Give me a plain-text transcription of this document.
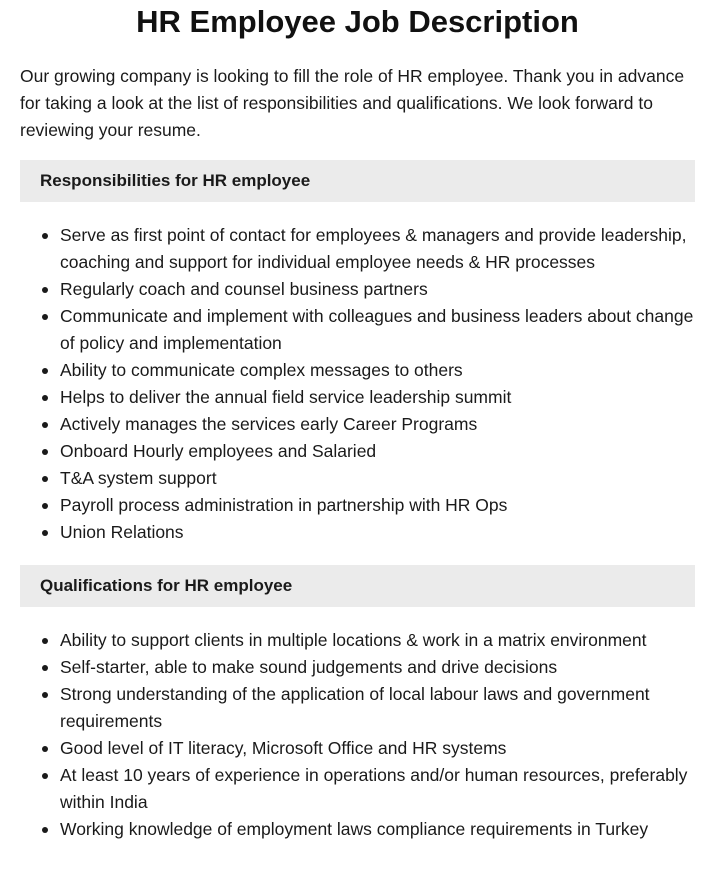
HR Employee Job Description

Our growing company is looking to fill the role of HR employee. Thank you in advance for taking a look at the list of responsibilities and qualifications. We look forward to reviewing your resume.

Responsibilities for HR employee
Serve as first point of contact for employees & managers and provide leadership, coaching and support for individual employee needs & HR processes
Regularly coach and counsel business partners
Communicate and implement with colleagues and business leaders about change of policy and implementation
Ability to communicate complex messages to others
Helps to deliver the annual field service leadership summit
Actively manages the services early Career Programs
Onboard Hourly employees and Salaried
T&A system support
Payroll process administration in partnership with HR Ops
Union Relations
Qualifications for HR employee
Ability to support clients in multiple locations & work in a matrix environment
Self-starter, able to make sound judgements and drive decisions
Strong understanding of the application of local labour laws and government requirements
Good level of IT literacy, Microsoft Office and HR systems
At least 10 years of experience in operations and/or human resources, preferably within India
Working knowledge of employment laws compliance requirements in Turkey
